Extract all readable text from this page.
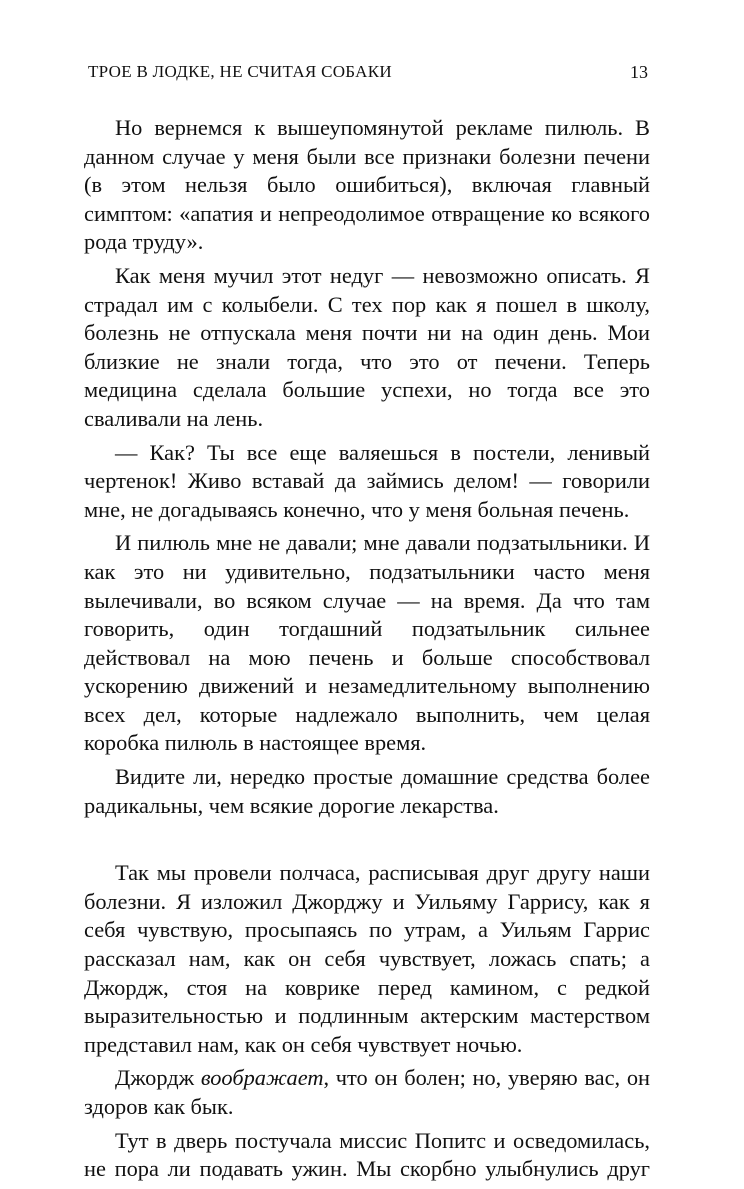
ТРОЕ В ЛОДКЕ, НЕ СЧИТАЯ СОБАКИ	13

Но вернемся к вышеупомянутой рекламе пилюль. В данном случае у меня были все признаки болезни печени (в этом нельзя было ошибиться), включая главный симптом: «апатия и непреодолимое отвращение ко всякого рода труду».

Как меня мучил этот недуг — невозможно описать. Я страдал им с колыбели. С тех пор как я пошел в школу, болезнь не отпускала меня почти ни на один день. Мои близкие не знали тогда, что это от печени. Теперь медицина сделала большие успехи, но тогда все это сваливали на лень.

— Как? Ты все еще валяешься в постели, ленивый чертенок! Живо вставай да займись делом! — говорили мне, не догадываясь конечно, что у меня больная печень.

И пилюль мне не давали; мне давали подзатыльники. И как это ни удивительно, подзатыльники часто меня вылечивали, во всяком случае — на время. Да что там говорить, один тогдашний подзатыльник сильнее действовал на мою печень и больше способствовал ускорению движений и незамедлительному выполнению всех дел, которые надлежало выполнить, чем целая коробка пилюль в настоящее время.

Видите ли, нередко простые домашние средства более радикальны, чем всякие дорогие лекарства.

Так мы провели полчаса, расписывая друг другу наши болезни. Я изложил Джорджу и Уильяму Гаррису, как я себя чувствую, просыпаясь по утрам, а Уильям Гаррис рассказал нам, как он себя чувствует, ложась спать; а Джордж, стоя на коврике перед камином, с редкой выразительностью и подлинным актерским мастерством представил нам, как он себя чувствует ночью.

Джордж воображает, что он болен; но, уверяю вас, он здоров как бык.

Тут в дверь постучала миссис Попитс и осведомилась, не пора ли подавать ужин. Мы скорбно улыбнулись друг
